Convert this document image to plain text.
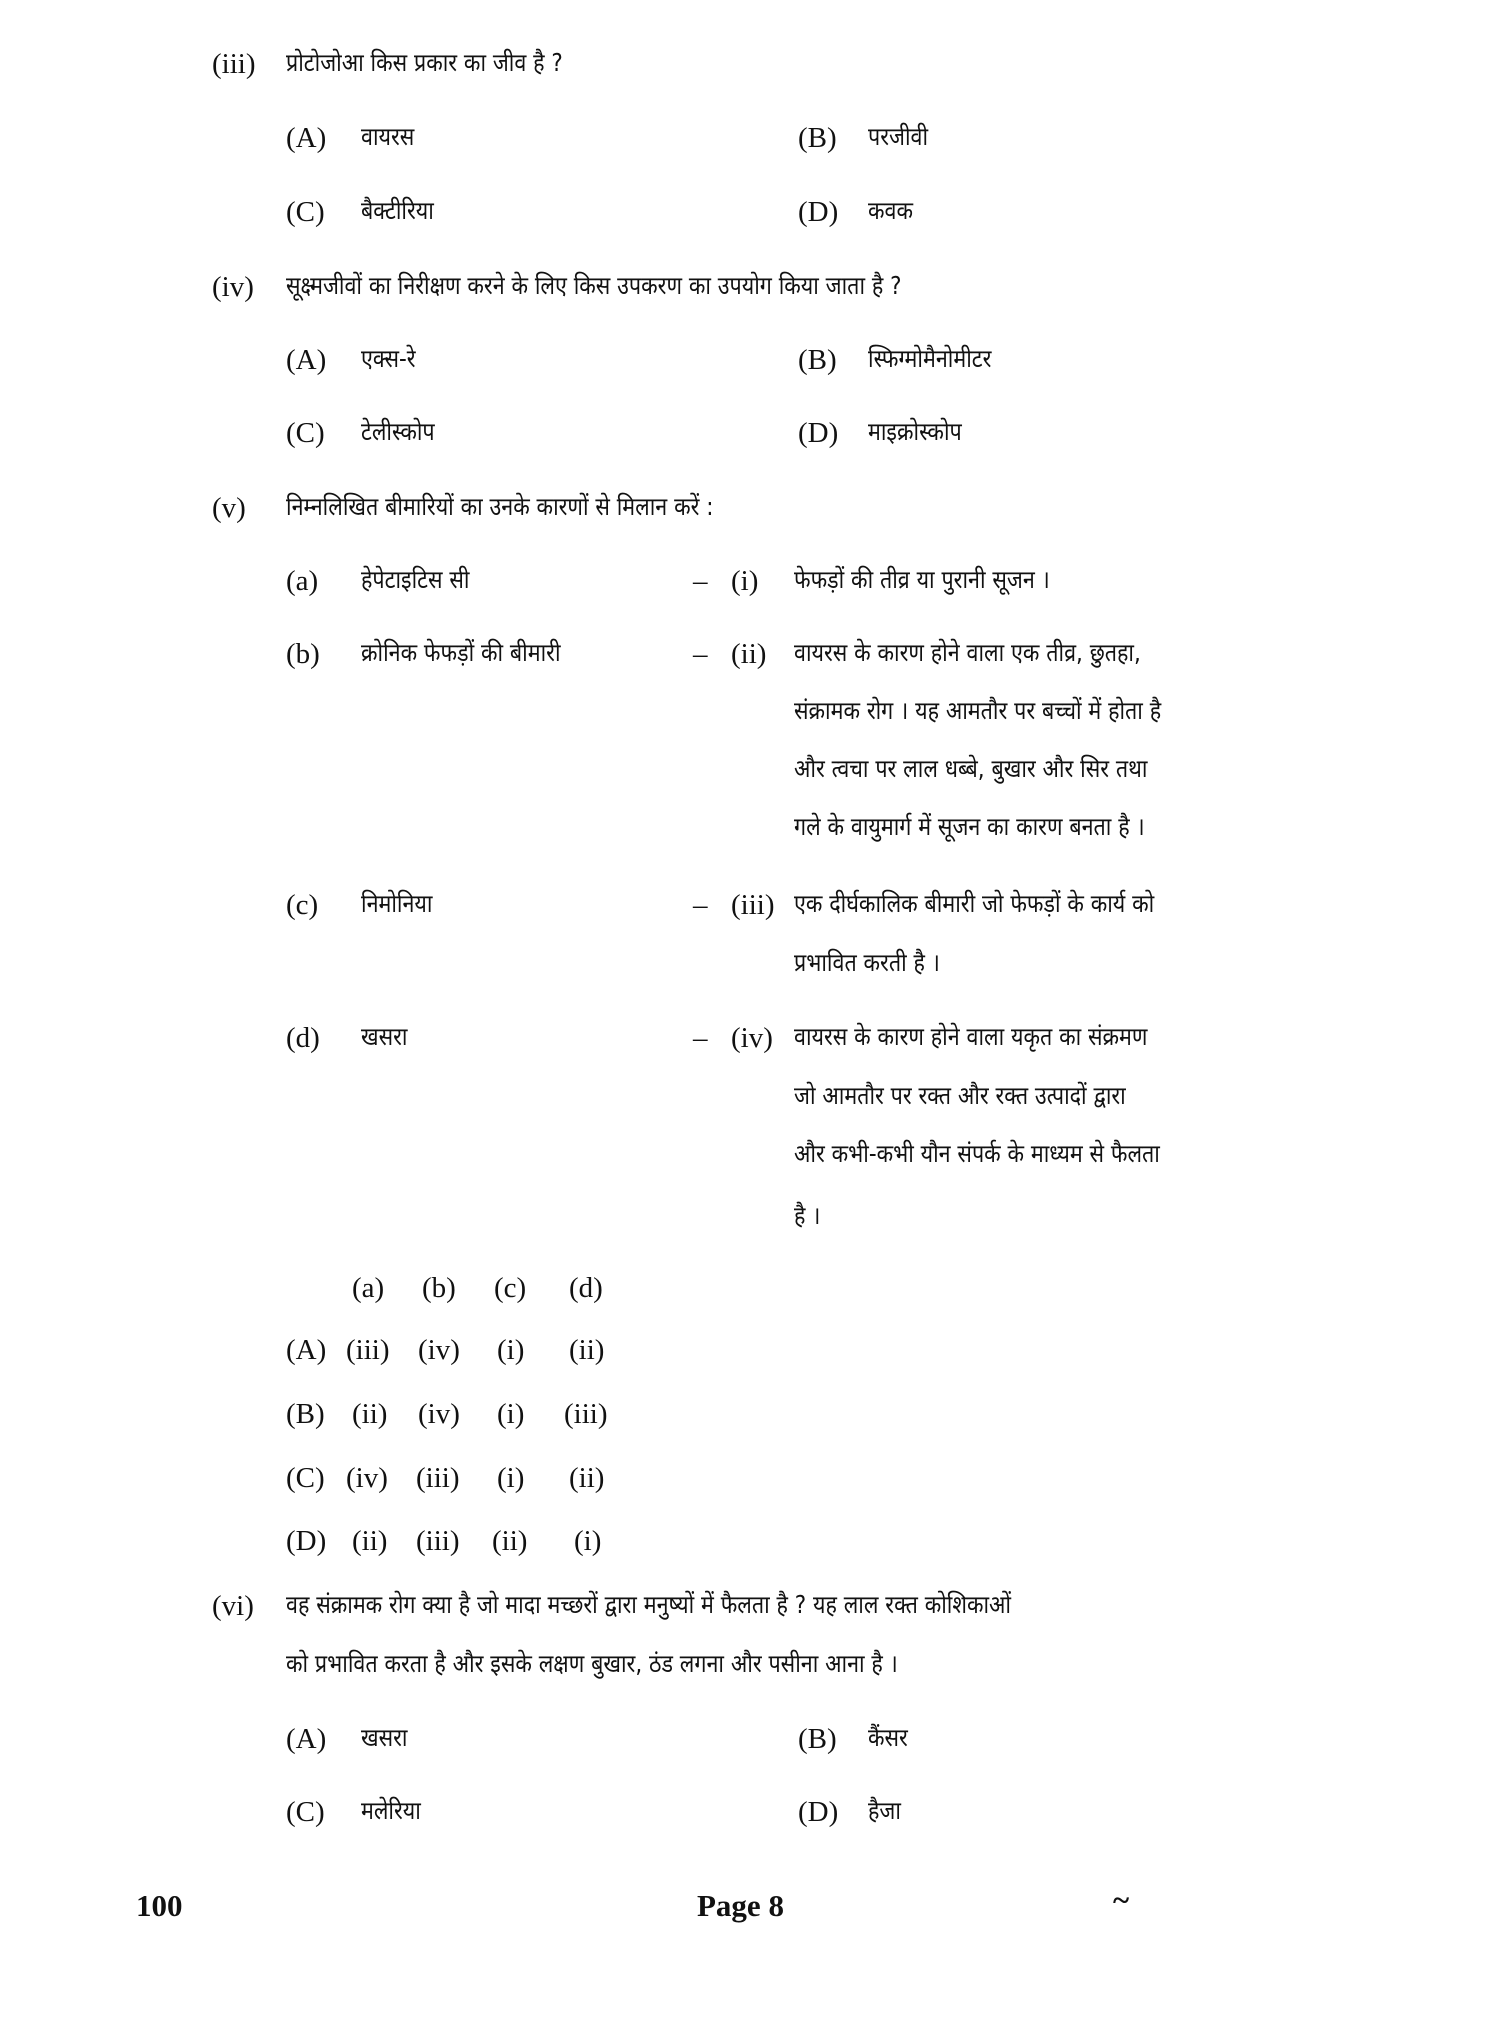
(iii) प्रोटोजोआ किस प्रकार का जीव है ?
(A) वायरस	(B) परजीवी
(C) बैक्टीरिया	(D) कवक
(iv) सूक्ष्मजीवों का निरीक्षण करने के लिए किस उपकरण का उपयोग किया जाता है ?
(A) एक्स-रे	(B) स्फिग्मोमैनोमीटर
(C) टेलीस्कोप	(D) माइक्रोस्कोप
(v) निम्नलिखित बीमारियों का उनके कारणों से मिलान करें :
(a) हेपेटाइटिस सी	– (i) फेफड़ों की तीव्र या पुरानी सूजन ।
(b) क्रोनिक फेफड़ों की बीमारी	– (ii) वायरस के कारण होने वाला एक तीव्र, छुतहा,
संक्रामक रोग । यह आमतौर पर बच्चों में होता है
और त्वचा पर लाल धब्बे, बुखार और सिर तथा
गले के वायुमार्ग में सूजन का कारण बनता है ।
(c) निमोनिया	– (iii) एक दीर्घकालिक बीमारी जो फेफड़ों के कार्य को
प्रभावित करती है ।
(d) खसरा	– (iv) वायरस के कारण होने वाला यकृत का संक्रमण
जो आमतौर पर रक्त और रक्त उत्पादों द्वारा
और कभी-कभी यौन संपर्क के माध्यम से फैलता
है ।
(a) (b) (c) (d)
(A) (iii) (iv) (i) (ii)
(B) (ii) (iv) (i) (iii)
(C) (iv) (iii) (i) (ii)
(D) (ii) (iii) (ii) (i)
(vi) वह संक्रामक रोग क्या है जो मादा मच्छरों द्वारा मनुष्यों में फैलता है ? यह लाल रक्त कोशिकाओं
को प्रभावित करता है और इसके लक्षण बुखार, ठंड लगना और पसीना आना है ।
(A) खसरा	(B) कैंसर
(C) मलेरिया	(D) हैजा
100	Page 8	~
